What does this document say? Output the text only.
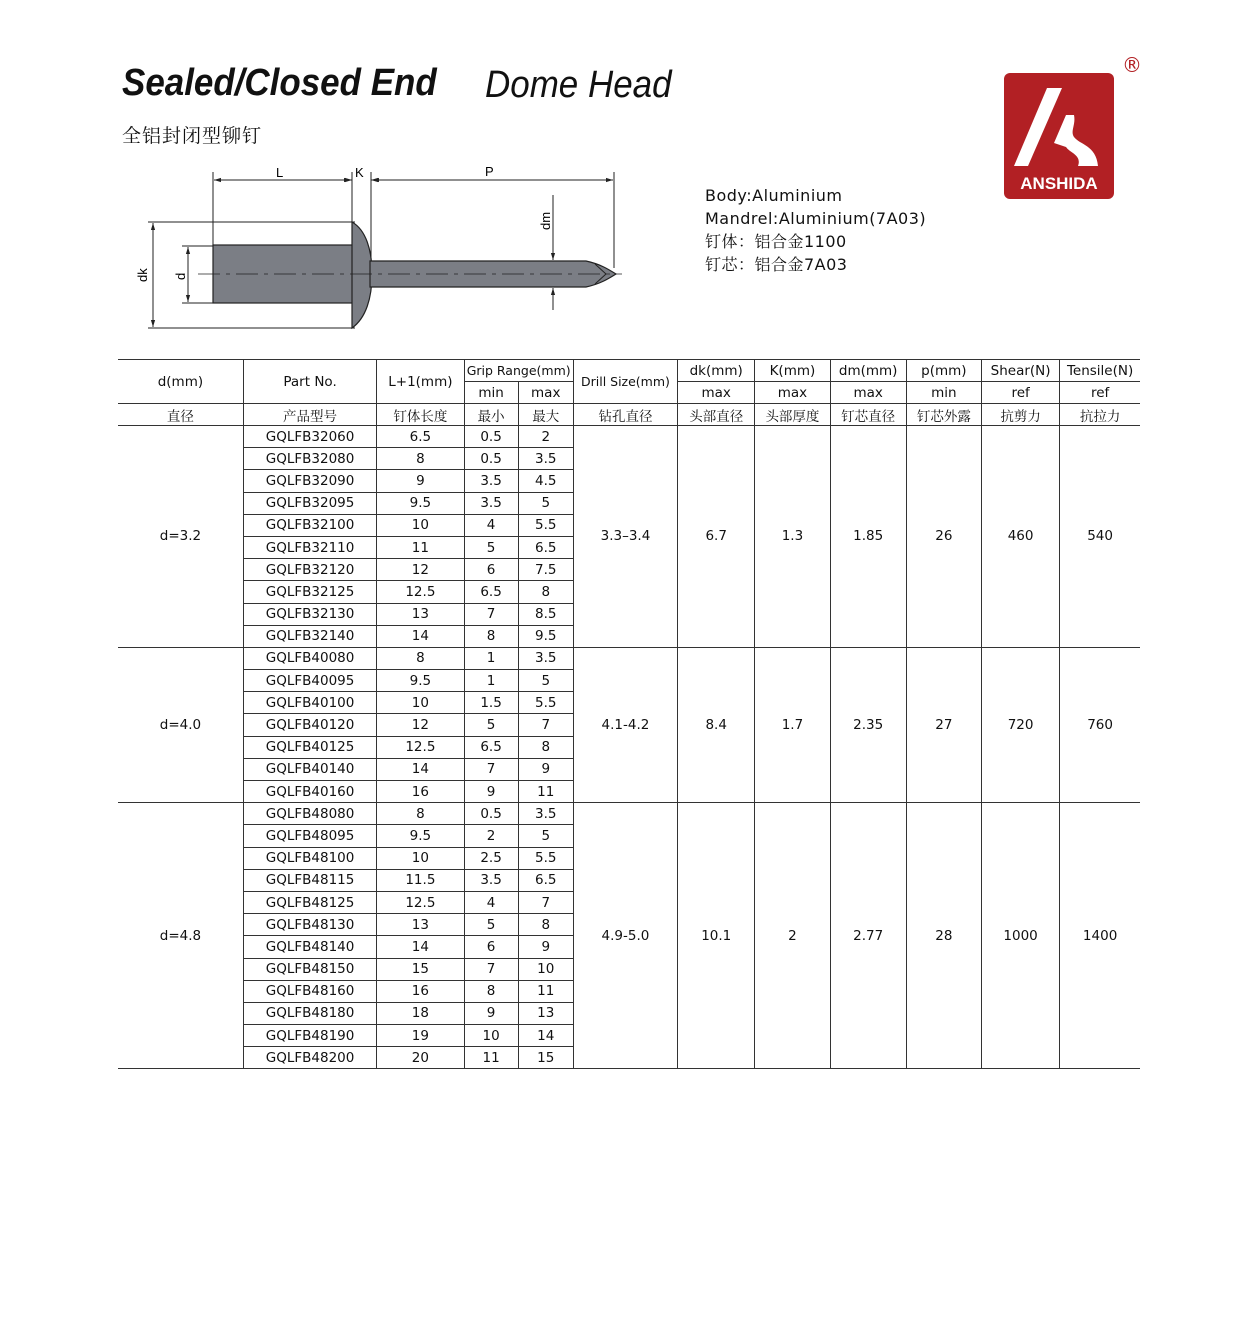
Sealed/Closed End Dome Head
全铝封闭型铆钉
L	K	P
dk d
dm
Body:Aluminium
Mandrel:Aluminium(7A03)
钉体：铝合金1100
钉芯：铝合金7A03
ANSHIDA
®
d(mm)	Part No.	L+1(mm)	Grip Range(mm)		Drill Size(mm)	dk(mm)	K(mm)	dm(mm)	p(mm)	Shear(N)	Tensile(N)
			min	max		max	max	max	min	ref	ref
直径	产品型号	钉体长度	最小	最大	钻孔直径	头部直径	头部厚度	钉芯直径	钉芯外露	抗剪力	抗拉力
d=3.2	GQLFB32060	6.5	0.5	2	3.3–3.4	6.7	1.3	1.85	26	460	540
	GQLFB32080	8	0.5	3.5							
	GQLFB32090	9	3.5	4.5							
	GQLFB32095	9.5	3.5	5							
	GQLFB32100	10	4	5.5							
	GQLFB32110	11	5	6.5							
	GQLFB32120	12	6	7.5							
	GQLFB32125	12.5	6.5	8							
	GQLFB32130	13	7	8.5							
	GQLFB32140	14	8	9.5							
d=4.0	GQLFB40080	8	1	3.5	4.1-4.2	8.4	1.7	2.35	27	720	760
	GQLFB40095	9.5	1	5							
	GQLFB40100	10	1.5	5.5							
	GQLFB40120	12	5	7							
	GQLFB40125	12.5	6.5	8							
	GQLFB40140	14	7	9							
	GQLFB40160	16	9	11							
d=4.8	GQLFB48080	8	0.5	3.5	4.9-5.0	10.1	2	2.77	28	1000	1400
	GQLFB48095	9.5	2	5							
	GQLFB48100	10	2.5	5.5							
	GQLFB48115	11.5	3.5	6.5							
	GQLFB48125	12.5	4	7							
	GQLFB48130	13	5	8							
	GQLFB48140	14	6	9							
	GQLFB48150	15	7	10							
	GQLFB48160	16	8	11							
	GQLFB48180	18	9	13							
	GQLFB48190	19	10	14							
	GQLFB48200	20	11	15							
